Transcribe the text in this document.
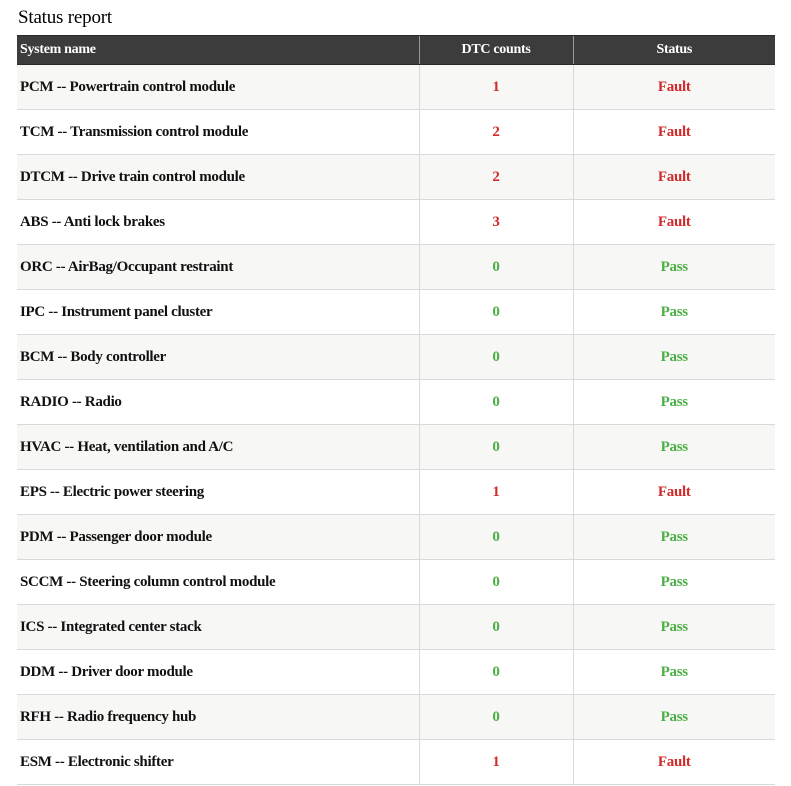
Status report
System name	DTC counts	Status
PCM -- Powertrain control module	1	Fault
TCM -- Transmission control module	2	Fault
DTCM -- Drive train control module	2	Fault
ABS -- Anti lock brakes	3	Fault
ORC -- AirBag/Occupant restraint	0	Pass
IPC -- Instrument panel cluster	0	Pass
BCM -- Body controller	0	Pass
RADIO -- Radio	0	Pass
HVAC -- Heat, ventilation and A/C	0	Pass
EPS -- Electric power steering	1	Fault
PDM -- Passenger door module	0	Pass
SCCM -- Steering column control module	0	Pass
ICS -- Integrated center stack	0	Pass
DDM -- Driver door module	0	Pass
RFH -- Radio frequency hub	0	Pass
ESM -- Electronic shifter	1	Fault
